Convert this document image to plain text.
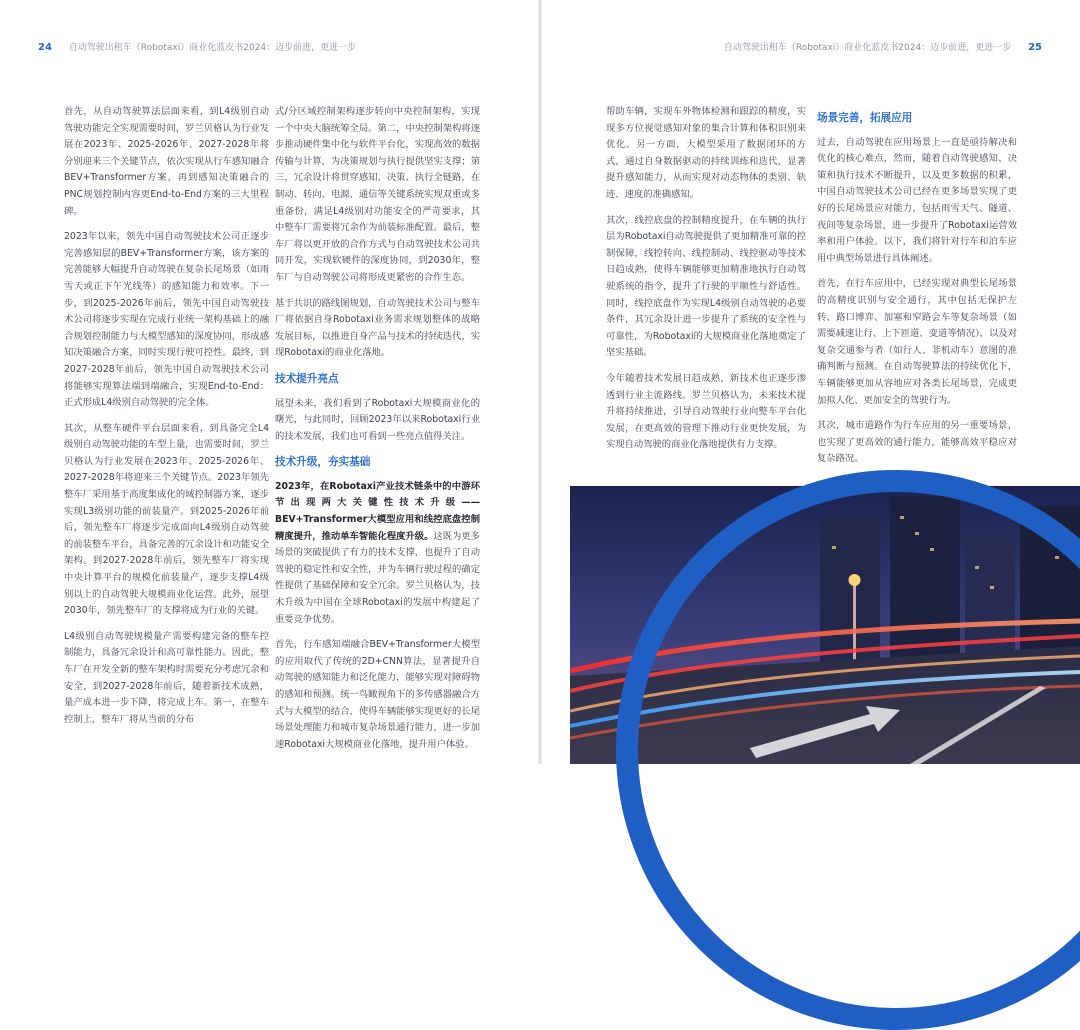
24 自动驾驶出租车（Robotaxi）商业化蓝皮书2024：迈步前进，更进一步	自动驾驶出租车（Robotaxi）商业化蓝皮书2024：迈步前进，更进一步 25

首先，从自动驾驶算法层面来看，到L4级别自动驾驶功能完全实现需要时间，罗兰贝格认为行业发展在2023年、2025-2026年、2027-2028年将分别迎来三个关键节点，依次实现从行车感知融合BEV+Transformer方案，再到感知决策融合的PNC规划控制内容更End-to-End方案的三大里程碑。

2023年以来，领先中国自动驾驶技术公司正逐步完善感知层的BEV+Transformer方案，该方案的完善能够大幅提升自动驾驶在复杂长尾场景（如雨雪天或正下午光线等）的感知能力和效率。下一步，到2025-2026年前后，领先中国自动驾驶技术公司将逐步实现在完成行业统一架构基础上的融合规划控制能力与大模型感知的深度协同，形成感知决策融合方案，同时实现行驶可控性。最终，到2027-2028年前后，领先中国自动驾驶技术公司将能够实现算法端到端融合，实现End-to-End：正式形成L4级别自动驾驶的完全体。

其次，从整车硬件平台层面来看，到具备完全L4级别自动驾驶功能的车型上量，也需要时间，罗兰贝格认为行业发展在2023年、2025-2026年、2027-2028年将迎来三个关键节点。2023年领先整车厂采用基于高度集成化的域控制器方案，逐步实现L3级别功能的前装量产。到2025-2026年前后，领先整车厂将逐步完成面向L4级别自动驾驶的前装整车平台，具备完善的冗余设计和功能安全架构。到2027-2028年前后，领先整车厂将实现中央计算平台的规模化前装量产，逐步支撑L4级别以上的自动驾驶大规模商业化运营。此外，展望2030年，领先整车厂的支撑将成为行业的关键。

L4级别自动驾驶规模量产需要构建完备的整车控制能力，具备冗余设计和高可靠性能力。因此，整车厂在开发全新的整车架构时需要充分考虑冗余和安全，到2027-2028年前后，随着新技术成熟，量产成本进一步下降，将完成上车。第一，在整车控制上，整车厂将从当前的分布

式/分区域控制架构逐步转向中央控制架构，实现一个中央大脑统筹全局。第二，中央控制架构将逐步推动硬件集中化与软件平台化，实现高效的数据传输与计算，为决策规划与执行提供坚实支撑；第三，冗余设计将贯穿感知、决策、执行全链路，在制动、转向、电源、通信等关键系统实现双重或多重备份，满足L4级别对功能安全的严苛要求，其中整车厂需要将冗余作为前装标准配置。最后，整车厂将以更开放的合作方式与自动驾驶技术公司共同开发，实现软硬件的深度协同，到2030年，整车厂与自动驾驶公司将形成更紧密的合作生态。

基于共识的路线图规划，自动驾驶技术公司与整车厂将依据自身Robotaxi业务需求规划整体的战略发展目标，以推进自身产品与技术的持续迭代，实现Robotaxi的商业化落地。

技术提升亮点

展望未来，我们看到了Robotaxi大规模商业化的曙光，与此同时，回顾2023年以来Robotaxi行业的技术发展，我们也可看到一些亮点值得关注。

技术升级，夯实基础

2023年，在Robotaxi产业技术链条中的中游环节出现两大关键性技术升级——BEV+Transformer大模型应用和线控底盘控制精度提升，推动单车智能化程度升级。这既为更多场景的突破提供了有力的技术支撑，也提升了自动驾驶的稳定性和安全性，并为车辆行驶过程的确定性提供了基础保障和安全冗余。罗兰贝格认为，技术升级为中国在全球Robotaxi的发展中构建起了重要竞争优势。

首先，行车感知端融合BEV+Transformer大模型的应用取代了传统的2D+CNN算法，显著提升自动驾驶的感知能力和泛化能力，能够实现对障碍物的感知和预测。统一鸟瞰视角下的多传感器融合方式与大模型的结合，使得车辆能够实现更好的长尾场景处理能力和城市复杂场景通行能力，进一步加速Robotaxi大规模商业化落地，提升用户体验。

帮助车辆，实现车外物体检测和跟踪的精度，实现多方位视觉感知对象的集合计算和体积识别来优化。另一方面，大模型采用了数据闭环的方式，通过自身数据驱动的持续训练和迭代，显著提升感知能力，从而实现对动态物体的类别、轨迹、速度的准确感知。

其次，线控底盘的控制精度提升，在车辆的执行层为Robotaxi自动驾驶提供了更加精准可靠的控制保障，线控转向、线控制动、线控驱动等技术日趋成熟，使得车辆能够更加精准地执行自动驾驶系统的指令，提升了行驶的平顺性与舒适性。同时，线控底盘作为实现L4级别自动驾驶的必要条件，其冗余设计进一步提升了系统的安全性与可靠性，为Robotaxi的大规模商业化落地奠定了坚实基础。

今年随着技术发展日趋成熟，新技术也正逐步渗透到行业主流路线。罗兰贝格认为，未来技术提升将持续推进，引导自动驾驶行业向整车平台化发展，在更高效的管理下推动行业更快发展，为实现自动驾驶的商业化落地提供有力支撑。

场景完善，拓展应用

过去，自动驾驶在应用场景上一直是亟待解决和优化的核心难点，然而，随着自动驾驶感知、决策和执行技术不断提升，以及更多数据的积累，中国自动驾驶技术公司已经在更多场景实现了更好的长尾场景应对能力，包括雨雪天气、隧道、夜间等复杂场景，进一步提升了Robotaxi运营效率和用户体验。以下，我们将针对行车和泊车应用中典型场景进行具体阐述。

首先，在行车应用中，已经实现对典型长尾场景的高精度识别与安全通行，其中包括无保护左转、路口博弈、加塞和窄路会车等复杂场景（如需要减速让行、上下匝道、变道等情况），以及对复杂交通参与者（如行人、非机动车）意图的准确判断与预测。在自动驾驶算法的持续优化下，车辆能够更加从容地应对各类长尾场景，完成更加拟人化、更加安全的驾驶行为。

其次，城市道路作为行车应用的另一重要场景，也实现了更高效的通行能力，能够高效平稳应对复杂路况。
